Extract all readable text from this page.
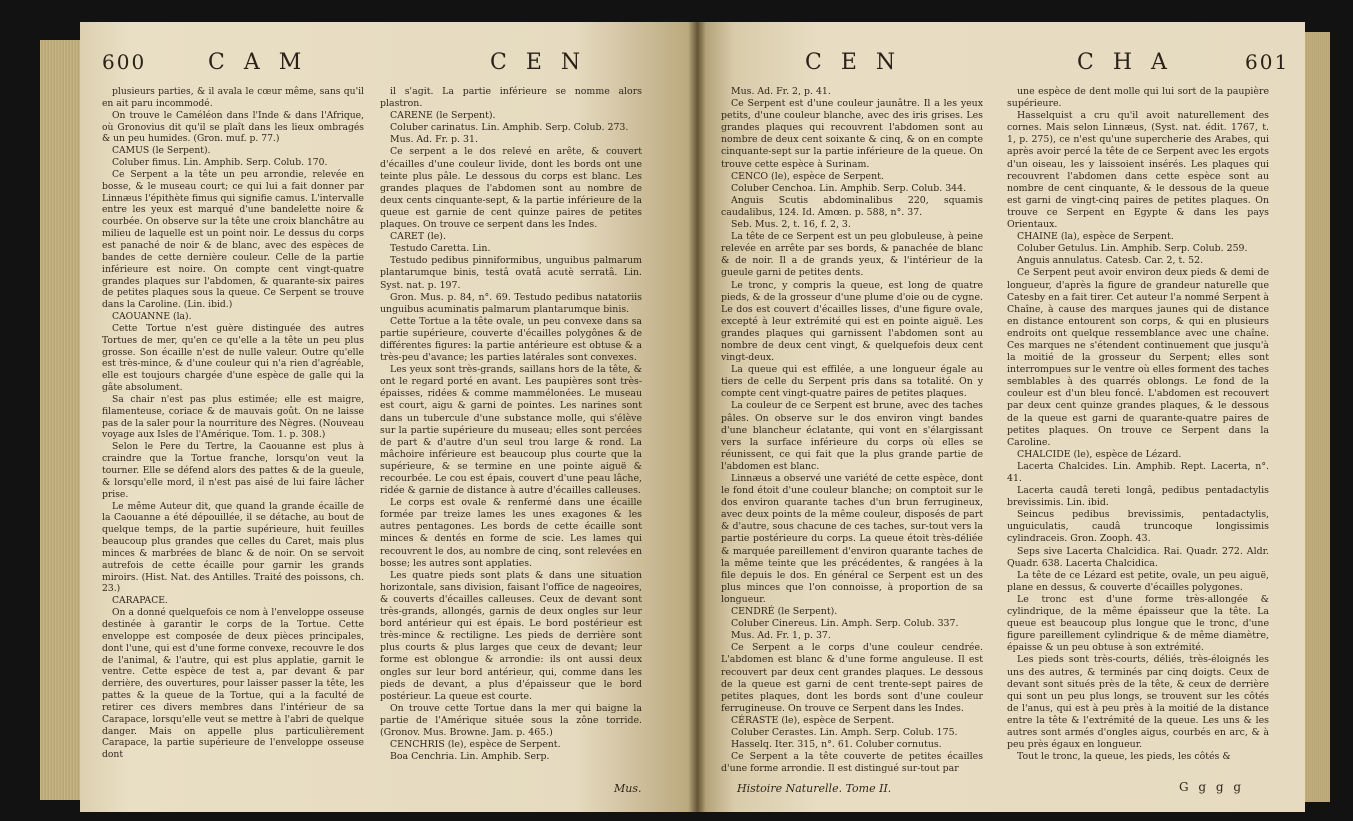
600	C A M	C E N

plusieurs parties, & il avala le cœur même, sans qu'il en ait paru incommodé.

On trouve le Caméléon dans l'Inde & dans l'Afrique, où Gronovius dit qu'il se plaît dans les lieux ombragés & un peu humides. (Gron. muf. p. 77.)

CAMUS (le Serpent).

Coluber fimus. Lin. Amphib. Serp. Colub. 170.

Ce Serpent a la tête un peu arrondie, relevée en bosse, & le museau court; ce qui lui a fait donner par Linnæus l'épithète fimus qui signifie camus. L'intervalle entre les yeux est marqué d'une bandelette noire & courbée. On observe sur la tête une croix blanchâtre au milieu de laquelle est un point noir. Le dessus du corps est panaché de noir & de blanc, avec des espèces de bandes de cette dernière couleur. Celle de la partie inférieure est noire. On compte cent vingt-quatre grandes plaques sur l'abdomen, & quarante-six paires de petites plaques sous la queue. Ce Serpent se trouve dans la Caroline. (Lin. ibid.)

CAOUANNE (la).

Cette Tortue n'est guère distinguée des autres Tortues de mer, qu'en ce qu'elle a la tête un peu plus grosse. Son écaille n'est de nulle valeur. Outre qu'elle est très-mince, & d'une couleur qui n'a rien d'agréable, elle est toujours chargée d'une espèce de galle qui la gâte absolument.

Sa chair n'est pas plus estimée; elle est maigre, filamenteuse, coriace & de mauvais goût. On ne laisse pas de la saler pour la nourriture des Nègres. (Nouveau voyage aux Isles de l'Amérique. Tom. 1. p. 308.)

Selon le Pere du Tertre, la Caouanne est plus à craindre que la Tortue franche, lorsqu'on veut la tourner. Elle se défend alors des pattes & de la gueule, & lorsqu'elle mord, il n'est pas aisé de lui faire lâcher prise.

Le même Auteur dit, que quand la grande écaille de la Caouanne a été dépouillée, il se détache, au bout de quelque temps, de la partie supérieure, huit feuilles beaucoup plus grandes que celles du Caret, mais plus minces & marbrées de blanc & de noir. On se servoit autrefois de cette écaille pour garnir les grands miroirs. (Hist. Nat. des Antilles. Traité des poissons, ch. 23.)

CARAPACE.

On a donné quelquefois ce nom à l'enveloppe osseuse destinée à garantir le corps de la Tortue. Cette enveloppe est composée de deux pièces principales, dont l'une, qui est d'une forme convexe, recouvre le dos de l'animal, & l'autre, qui est plus applatie, garnit le ventre. Cette espèce de test a, par devant & par derrière, des ouvertures, pour laisser passer la tête, les pattes & la queue de la Tortue, qui a la faculté de retirer ces divers membres dans l'intérieur de sa Carapace, lorsqu'elle veut se mettre à l'abri de quelque danger. Mais on appelle plus particulièrement Carapace, la partie supérieure de l'enveloppe osseuse dont

il s'agit. La partie inférieure se nomme alors plastron.

CARENE (le Serpent).

Coluber carinatus. Lin. Amphib. Serp. Colub. 273.

Mus. Ad. Fr. p. 31.

Ce serpent a le dos relevé en arête, & couvert d'écailles d'une couleur livide, dont les bords ont une teinte plus pâle. Le dessous du corps est blanc. Les grandes plaques de l'abdomen sont au nombre de deux cents cinquante-sept, & la partie inférieure de la queue est garnie de cent quinze paires de petites plaques. On trouve ce serpent dans les Indes.

CARET (le).

Testudo Caretta. Lin.

Testudo pedibus pinniformibus, unguibus palmarum plantarumque binis, testâ ovatâ acutè serratâ. Lin. Syst. nat. p. 197.

Gron. Mus. p. 84, n°. 69. Testudo pedibus natatoriis unguibus acuminatis palmarum plantarumque binis.

Cette Tortue a la tête ovale, un peu convexe dans sa partie supérieure, couverte d'écailles polygônes & de différentes figures: la partie antérieure est obtuse & a très-peu d'avance; les parties latérales sont convexes.

Les yeux sont très-grands, saillans hors de la tête, & ont le regard porté en avant. Les paupières sont très-épaisses, ridées & comme mammélonées. Le museau est court, aigu & garni de pointes. Les narines sont dans un tubercule d'une substance molle, qui s'élève sur la partie supérieure du museau; elles sont percées de part & d'autre d'un seul trou large & rond. La mâchoire inférieure est beaucoup plus courte que la supérieure, & se termine en une pointe aiguë & recourbée. Le cou est épais, couvert d'une peau lâche, ridée & garnie de distance à autre d'écailles calleuses.

Le corps est ovale & renfermé dans une écaille formée par treize lames les unes exagones & les autres pentagones. Les bords de cette écaille sont minces & dentés en forme de scie. Les lames qui recouvrent le dos, au nombre de cinq, sont relevées en bosse; les autres sont applaties.

Les quatre pieds sont plats & dans une situation horizontale, sans division, faisant l'office de nageoires, & couverts d'écailles calleuses. Ceux de devant sont très-grands, allongés, garnis de deux ongles sur leur bord antérieur qui est épais. Le bord postérieur est très-mince & rectiligne. Les pieds de derrière sont plus courts & plus larges que ceux de devant; leur forme est oblongue & arrondie: ils ont aussi deux ongles sur leur bord antérieur, qui, comme dans les pieds de devant, a plus d'épaisseur que le bord postérieur. La queue est courte.

On trouve cette Tortue dans la mer qui baigne la partie de l'Amérique située sous la zône torride. (Gronov. Mus. Browne. Jam. p. 465.)

CENCHRIS (le), espèce de Serpent.

Boa Cenchria. Lin. Amphib. Serp.

Mus.
C E N	C H A	601

Mus. Ad. Fr. 2, p. 41.

Ce Serpent est d'une couleur jaunâtre. Il a les yeux petits, d'une couleur blanche, avec des iris grises. Les grandes plaques qui recouvrent l'abdomen sont au nombre de deux cent soixante & cinq, & on en compte cinquante-sept sur la partie inférieure de la queue. On trouve cette espèce à Surinam.

CENCO (le), espèce de Serpent.

Coluber Cenchoa. Lin. Amphib. Serp. Colub. 344.

Anguis Scutis abdominalibus 220, squamis caudalibus, 124. Id. Amœn. p. 588, n°. 37.

Seb. Mus. 2, t. 16, f. 2, 3.

La tête de ce Serpent est un peu globuleuse, à peine relevée en arrête par ses bords, & panachée de blanc & de noir. Il a de grands yeux, & l'intérieur de la gueule garni de petites dents.

Le tronc, y compris la queue, est long de quatre pieds, & de la grosseur d'une plume d'oie ou de cygne. Le dos est couvert d'écailles lisses, d'une figure ovale, excepté à leur extrémité qui est en pointe aiguë. Les grandes plaques qui garnissent l'abdomen sont au nombre de deux cent vingt, & quelquefois deux cent vingt-deux.

La queue qui est effilée, a une longueur égale au tiers de celle du Serpent pris dans sa totalité. On y compte cent vingt-quatre paires de petites plaques.

La couleur de ce Serpent est brune, avec des taches pâles. On observe sur le dos environ vingt bandes d'une blancheur éclatante, qui vont en s'élargissant vers la surface inférieure du corps où elles se réunissent, ce qui fait que la plus grande partie de l'abdomen est blanc.

Linnæus a observé une variété de cette espèce, dont le fond étoit d'une couleur blanche; on comptoit sur le dos environ quarante taches d'un brun ferrugineux, avec deux points de la même couleur, disposés de part & d'autre, sous chacune de ces taches, sur-tout vers la partie postérieure du corps. La queue étoit très-déliée & marquée pareillement d'environ quarante taches de la même teinte que les précédentes, & rangées à la file depuis le dos. En général ce Serpent est un des plus minces que l'on connoisse, à proportion de sa longueur.

CENDRÉ (le Serpent).

Coluber Cinereus. Lin. Amph. Serp. Colub. 337.

Mus. Ad. Fr. 1, p. 37.

Ce Serpent a le corps d'une couleur cendrée. L'abdomen est blanc & d'une forme anguleuse. Il est recouvert par deux cent grandes plaques. Le dessous de la queue est garni de cent trente-sept paires de petites plaques, dont les bords sont d'une couleur ferrugineuse. On trouve ce Serpent dans les Indes.

CÉRASTE (le), espèce de Serpent.

Coluber Cerastes. Lin. Amph. Serp. Colub. 175.

Hasselq. Iter. 315, n°. 61. Coluber cornutus.

Ce Serpent a la tête couverte de petites écailles d'une forme arrondie. Il est distingué sur-tout par

une espèce de dent molle qui lui sort de la paupière supérieure.

Hasselquist a cru qu'il avoit naturellement des cornes. Mais selon Linnæus, (Syst. nat. édit. 1767, t. 1, p. 275), ce n'est qu'une supercherie des Arabes, qui après avoir percé la tête de ce Serpent avec les ergots d'un oiseau, les y laissoient insérés. Les plaques qui recouvrent l'abdomen dans cette espèce sont au nombre de cent cinquante, & le dessous de la queue est garni de vingt-cinq paires de petites plaques. On trouve ce Serpent en Egypte & dans les pays Orientaux.

CHAINE (la), espèce de Serpent.

Coluber Getulus. Lin. Amphib. Serp. Colub. 259.

Anguis annulatus. Catesb. Car. 2, t. 52.

Ce Serpent peut avoir environ deux pieds & demi de longueur, d'après la figure de grandeur naturelle que Catesby en a fait tirer. Cet auteur l'a nommé Serpent à Chaîne, à cause des marques jaunes qui de distance en distance entourent son corps, & qui en plusieurs endroits ont quelque ressemblance avec une chaîne. Ces marques ne s'étendent continuement que jusqu'à la moitié de la grosseur du Serpent; elles sont interrompues sur le ventre où elles forment des taches semblables à des quarrés oblongs. Le fond de la couleur est d'un bleu foncé. L'abdomen est recouvert par deux cent quinze grandes plaques, & le dessous de la queue est garni de quarante-quatre paires de petites plaques. On trouve ce Serpent dans la Caroline.

CHALCIDE (le), espèce de Lézard.

Lacerta Chalcides. Lin. Amphib. Rept. Lacerta, n°. 41.

Lacerta caudâ tereti longâ, pedibus pentadactylis brevissimis. Lin. ibid.

Seincus pedibus brevissimis, pentadactylis, unguiculatis, caudâ truncoque longissimis cylindraceis. Gron. Zooph. 43.

Seps sive Lacerta Chalcidica. Rai. Quadr. 272. Aldr. Quadr. 638. Lacerta Chalcidica.

La tête de ce Lézard est petite, ovale, un peu aiguë, plane en dessus, & couverte d'écailles polygones.

Le tronc est d'une forme très-allongée & cylindrique, de la même épaisseur que la tête. La queue est beaucoup plus longue que le tronc, d'une figure pareillement cylindrique & de même diamètre, épaisse & un peu obtuse à son extrémité.

Les pieds sont très-courts, déliés, très-éloignés les uns des autres, & terminés par cinq doigts. Ceux de devant sont situés près de la tête, & ceux de derrière qui sont un peu plus longs, se trouvent sur les côtés de l'anus, qui est à peu près à la moitié de la distance entre la tête & l'extrémité de la queue. Les uns & les autres sont armés d'ongles aigus, courbés en arc, & à peu près égaux en longueur.

Tout le tronc, la queue, les pieds, les côtés &

Histoire Naturelle. Tome II.	G g g g
